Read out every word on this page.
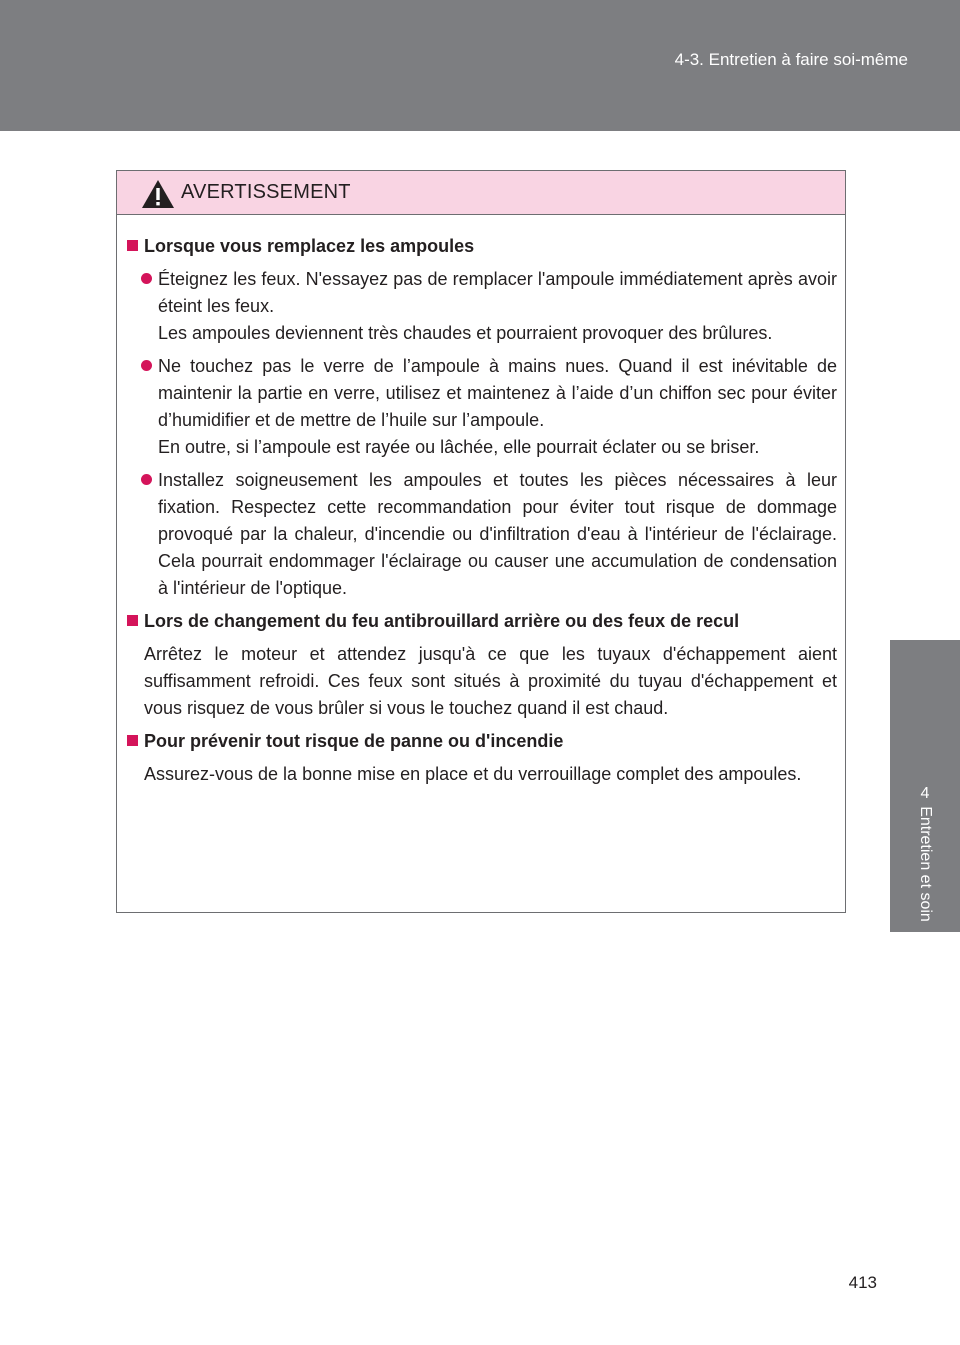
4-3. Entretien à faire soi-même
4
Entretien et soin
AVERTISSEMENT
Lorsque vous remplacez les ampoules

Éteignez les feux. N'essayez pas de remplacer l'ampoule immédiatement après avoir éteint les feux.

Les ampoules deviennent très chaudes et pourraient provoquer des brûlures.

Ne touchez pas le verre de l’ampoule à mains nues. Quand il est inévitable de maintenir la partie en verre, utilisez et maintenez à l’aide d’un chiffon sec pour éviter d’humidifier et de mettre de l’huile sur l’ampoule.

En outre, si l’ampoule est rayée ou lâchée, elle pourrait éclater ou se briser.

Installez soigneusement les ampoules et toutes les pièces nécessaires à leur fixation. Respectez cette recommandation pour éviter tout risque de dommage provoqué par la chaleur, d'incendie ou d'infiltration d'eau à l'intérieur de l'éclairage. Cela pourrait endommager l'éclairage ou causer une accumulation de condensation à l'intérieur de l'optique.

Lors de changement du feu antibrouillard arrière ou des feux de recul

Arrêtez le moteur et attendez jusqu'à ce que les tuyaux d'échappement aient suffisamment refroidi. Ces feux sont situés à proximité du tuyau d'échappement et vous risquez de vous brûler si vous le touchez quand il est chaud.

Pour prévenir tout risque de panne ou d'incendie

Assurez-vous de la bonne mise en place et du verrouillage complet des ampoules.

413
